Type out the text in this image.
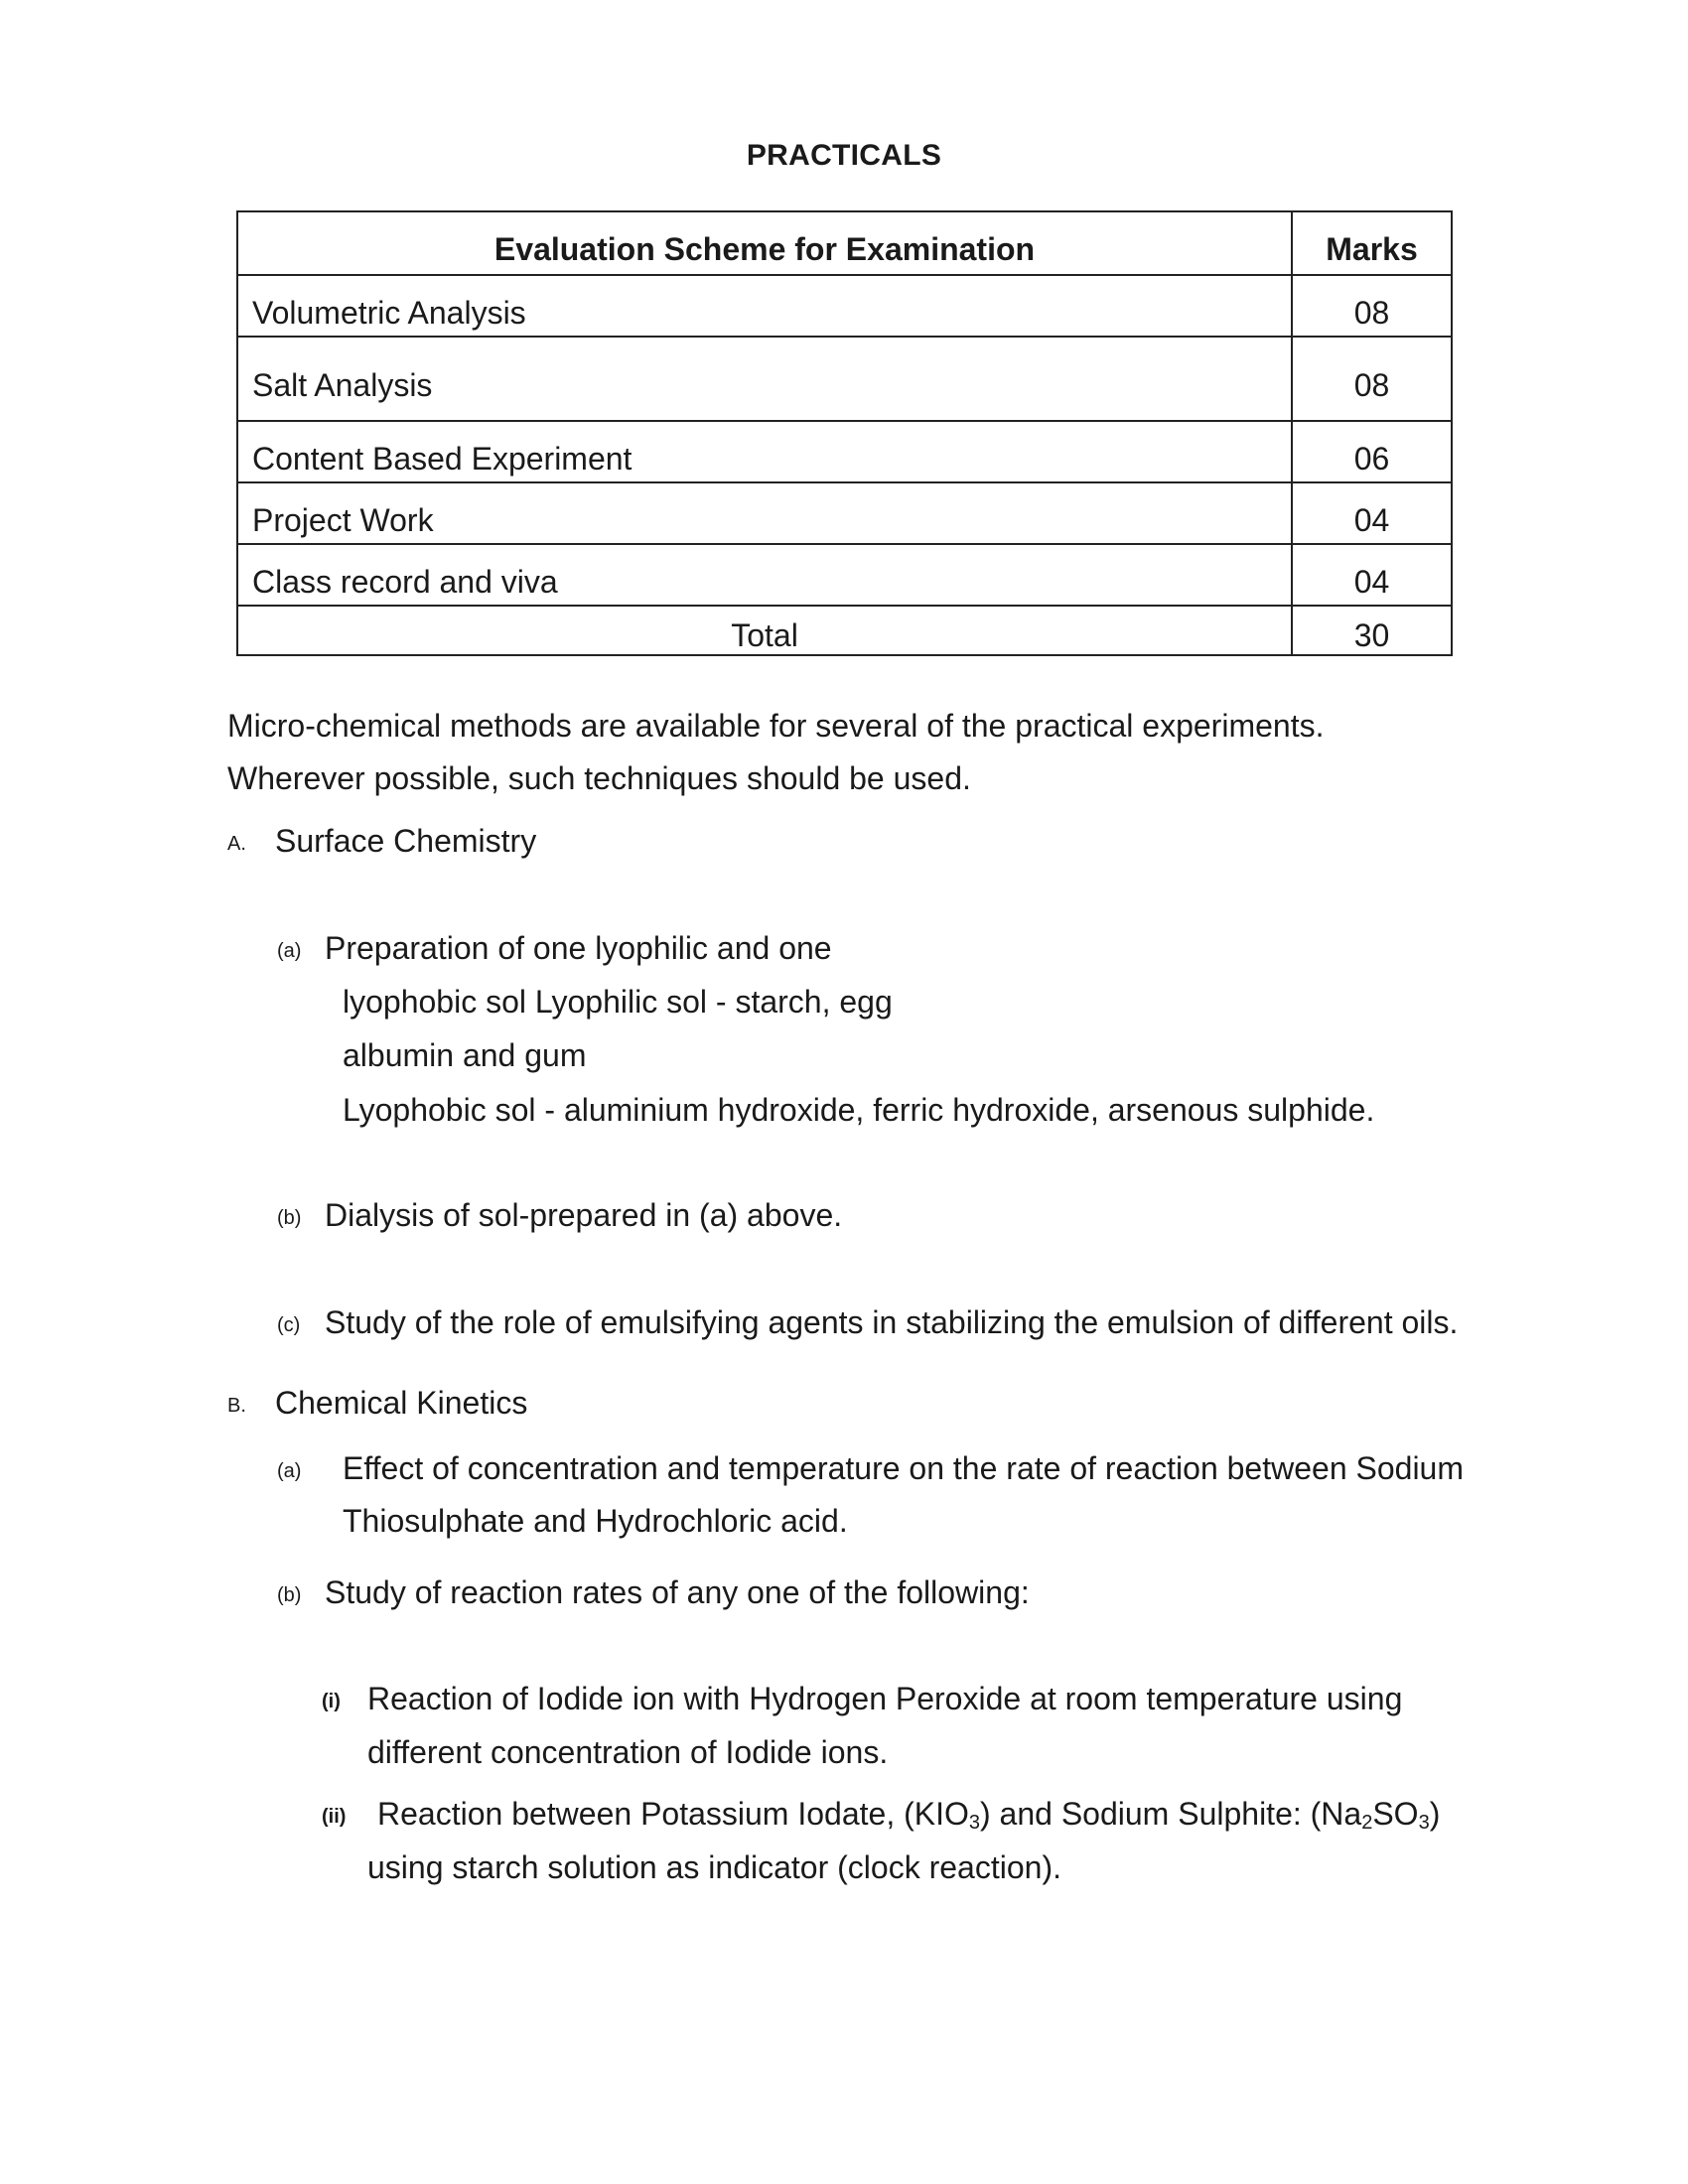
PRACTICALS
Evaluation Scheme for Examination	Marks
Volumetric Analysis	08
Salt Analysis	08
Content Based Experiment	06
Project Work	04
Class record and viva	04
Total	30
Micro-chemical methods are available for several of the practical experiments.
Wherever possible, such techniques should be used.
A. Surface Chemistry
(a) Preparation of one lyophilic and one
lyophobic sol Lyophilic sol - starch, egg
albumin and gum
Lyophobic sol - aluminium hydroxide, ferric hydroxide, arsenous sulphide.
(b) Dialysis of sol-prepared in (a) above.
(c) Study of the role of emulsifying agents in stabilizing the emulsion of different oils.
B. Chemical Kinetics
(a) Effect of concentration and temperature on the rate of reaction between Sodium
Thiosulphate and Hydrochloric acid.
(b) Study of reaction rates of any one of the following:
(i) Reaction of Iodide ion with Hydrogen Peroxide at room temperature using
different concentration of Iodide ions.
(ii) Reaction between Potassium Iodate, $(KIO_3)$ and Sodium Sulphite: $(Na_2SO_3)$
using starch solution as indicator (clock reaction).
